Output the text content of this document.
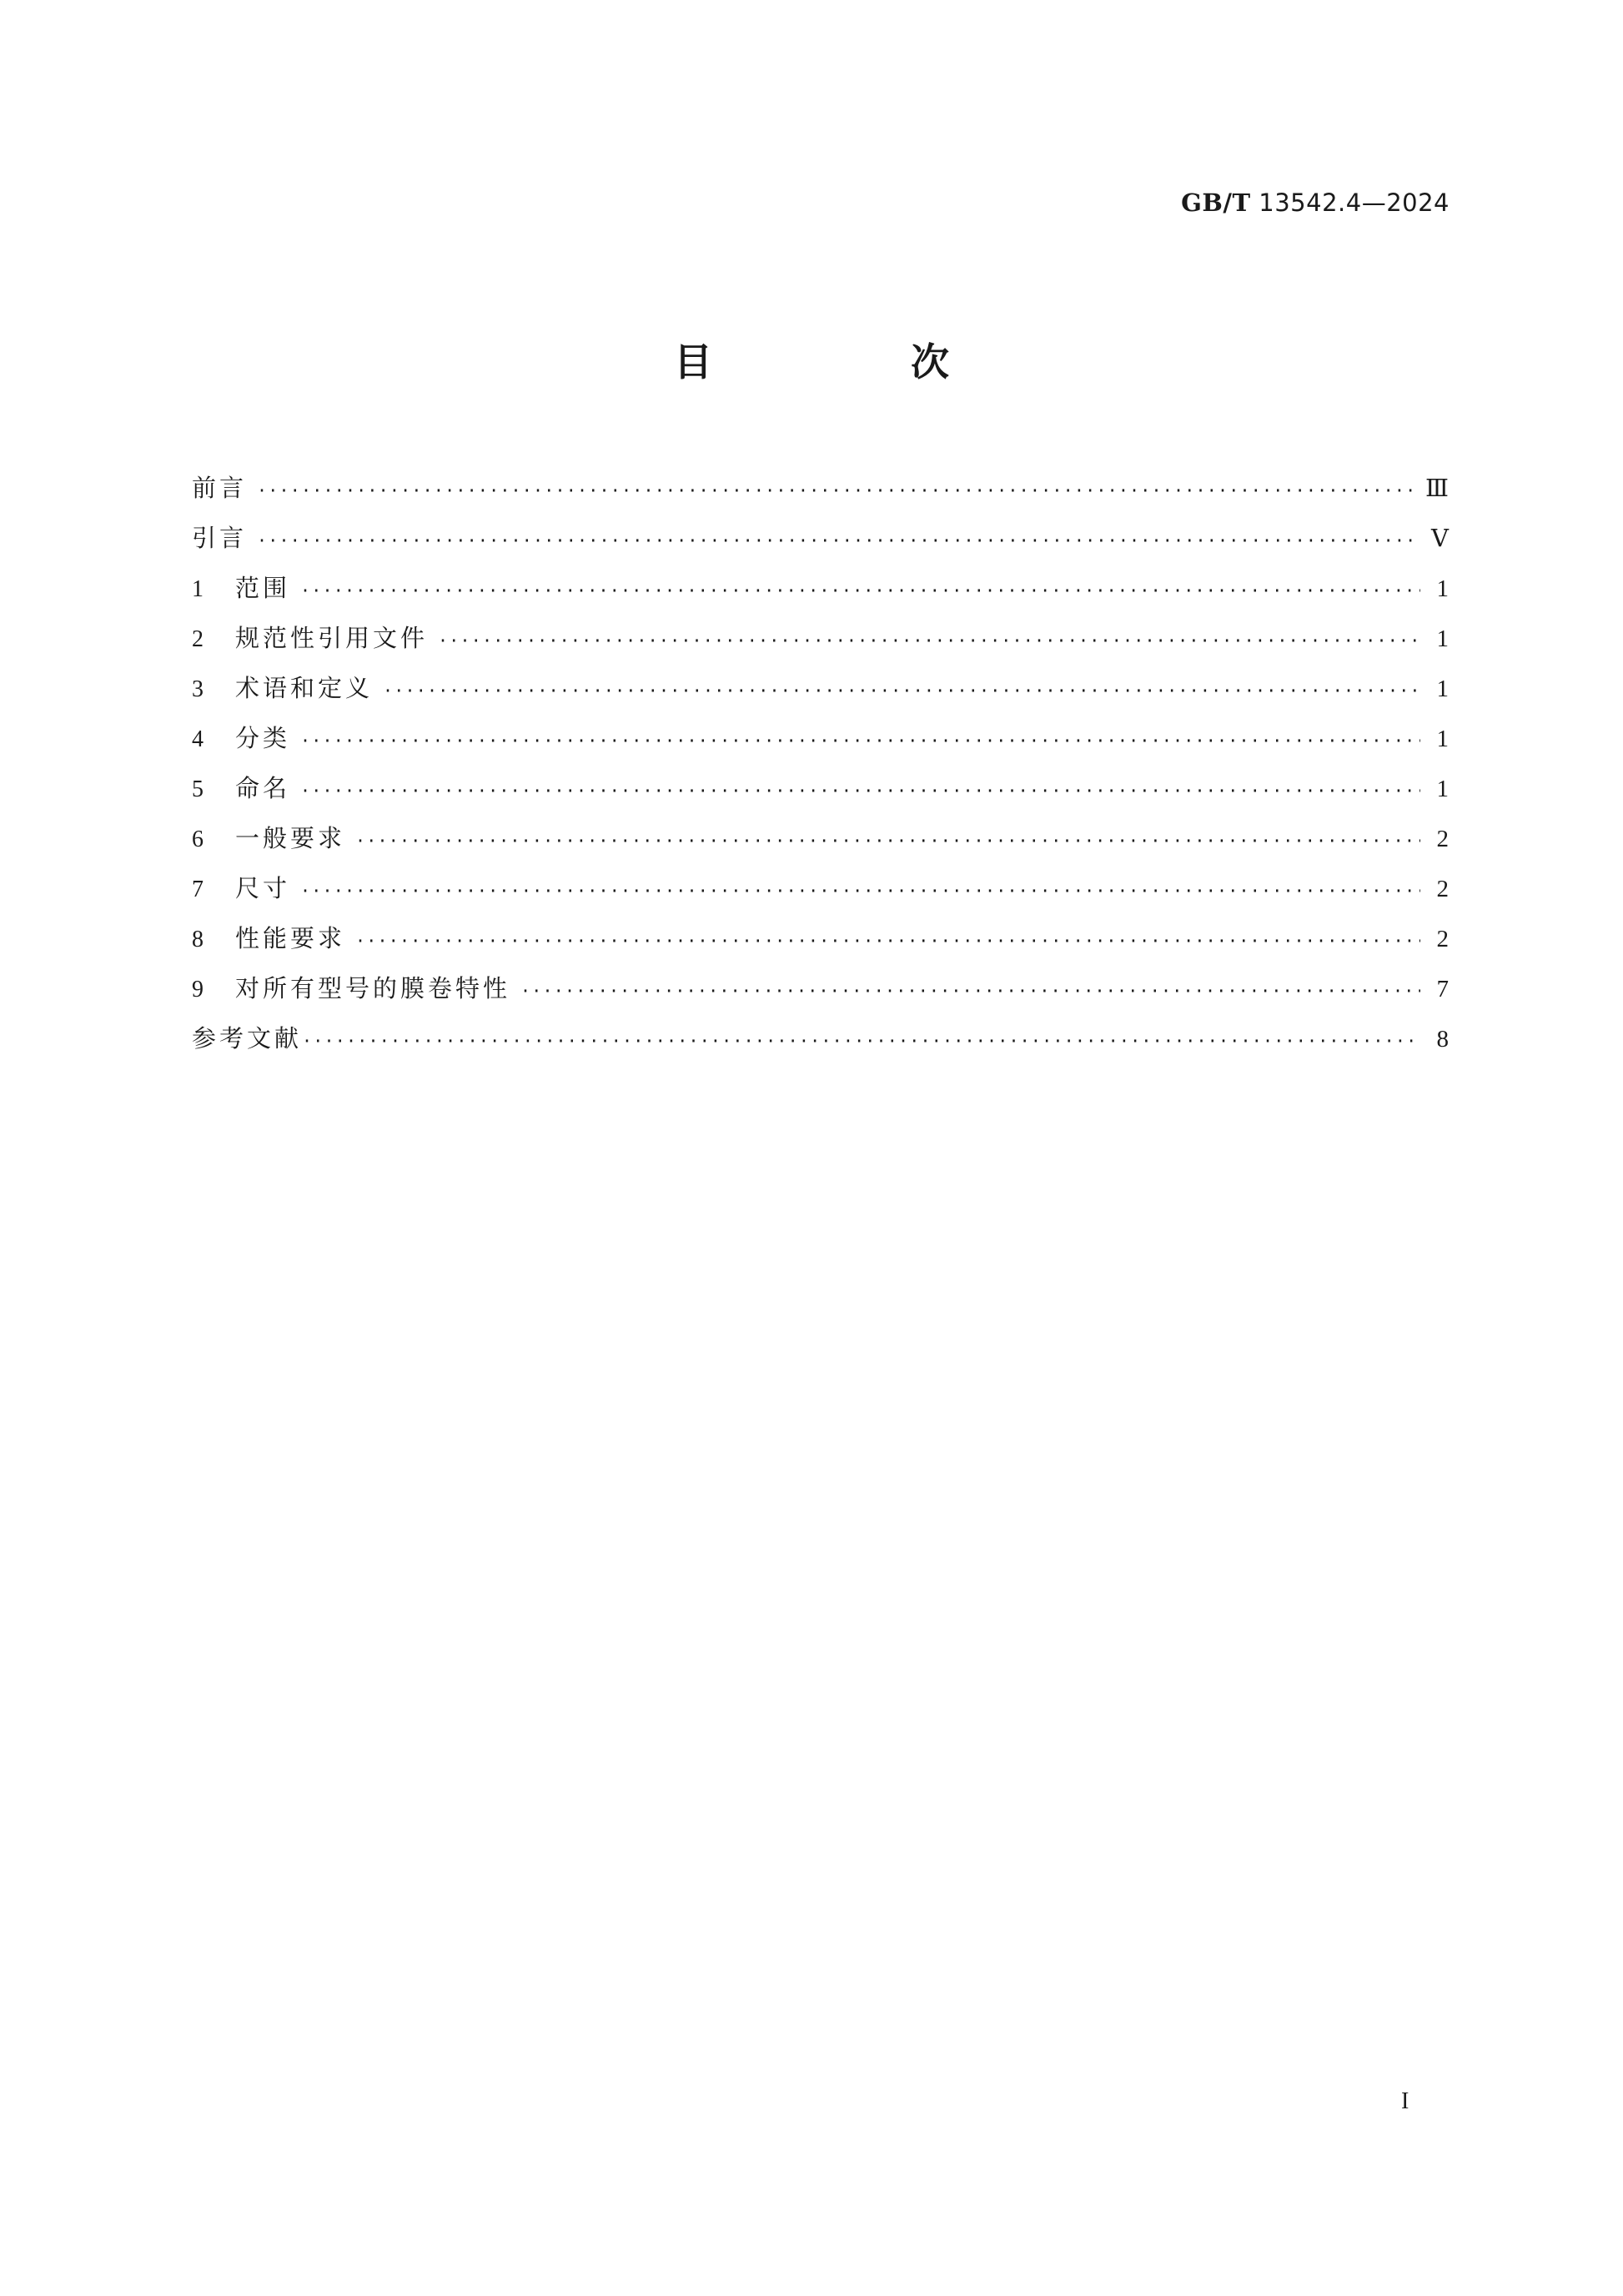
GB/T 13542.4—2024
目　次
前言 ·····	Ⅲ
引言 ·····	Ⅴ
1	范围 ·····	1
2	规范性引用文件 ·····	1
3	术语和定义 ·····	1
4	分类 ·····	1
5	命名 ·····	1
6	一般要求 ·····	2
7	尺寸 ·····	2
8	性能要求 ·····	2
9	对所有型号的膜卷特性 ·····	7
参考文献 ·····	8
I
